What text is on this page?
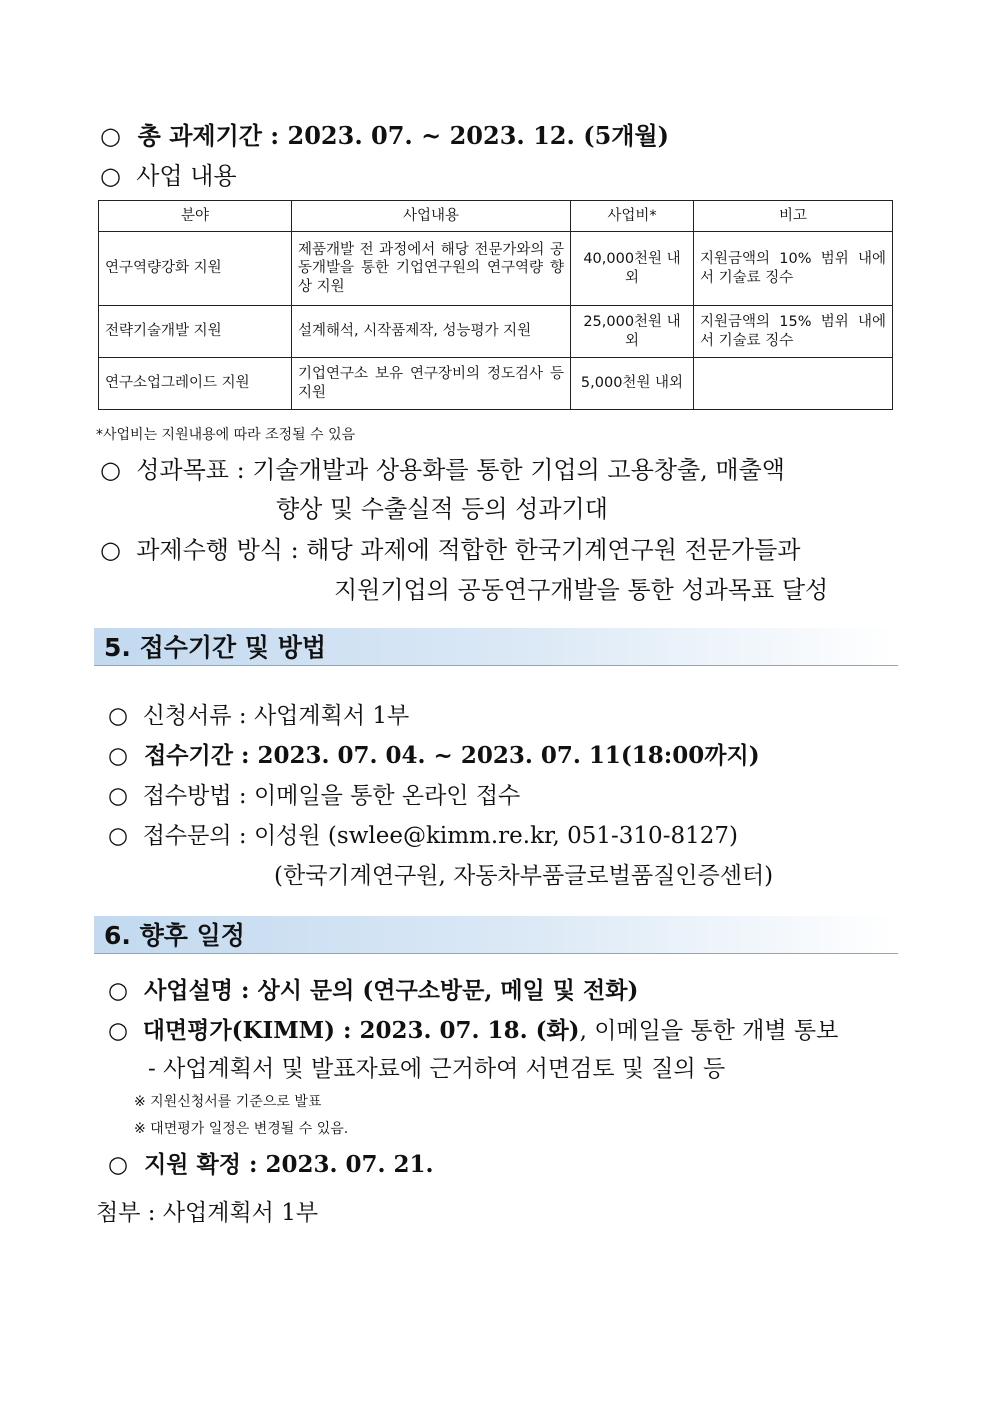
○ 총 과제기간 : 2023. 07. ~ 2023. 12. (5개월)
○ 사업 내용
분야	사업내용	사업비*	비고
연구역량강화 지원	제품개발 전 과정에서 해당 전문가와의 공동개발을 통한 기업연구원의 연구역량 향상 지원	40,000천원 내외	지원금액의 10% 범위 내에서 기술료 징수
전략기술개발 지원	설계해석, 시작품제작, 성능평가 지원	25,000천원 내외	지원금액의 15% 범위 내에서 기술료 징수
연구소업그레이드 지원	기업연구소 보유 연구장비의 정도검사 등 지원	5,000천원 내외	
*사업비는 지원내용에 따라 조정될 수 있음
○ 성과목표 : 기술개발과 상용화를 통한 기업의 고용창출, 매출액
향상 및 수출실적 등의 성과기대
○ 과제수행 방식 : 해당 과제에 적합한 한국기계연구원 전문가들과
지원기업의 공동연구개발을 통한 성과목표 달성
5. 접수기간 및 방법
○ 신청서류 : 사업계획서 1부
○ 접수기간 : 2023. 07. 04. ~ 2023. 07. 11(18:00까지)
○ 접수방법 : 이메일을 통한 온라인 접수
○ 접수문의 : 이성원 (swlee@kimm.re.kr, 051-310-8127)
(한국기계연구원, 자동차부품글로벌품질인증센터)
6. 향후 일정
○ 사업설명 : 상시 문의 (연구소방문, 메일 및 전화)
○ 대면평가(KIMM) : 2023. 07. 18. (화), 이메일을 통한 개별 통보
- 사업계획서 및 발표자료에 근거하여 서면검토 및 질의 등
※ 지원신청서를 기준으로 발표
※ 대면평가 일정은 변경될 수 있음.
○ 지원 확정 : 2023. 07. 21.
첨부 : 사업계획서 1부
